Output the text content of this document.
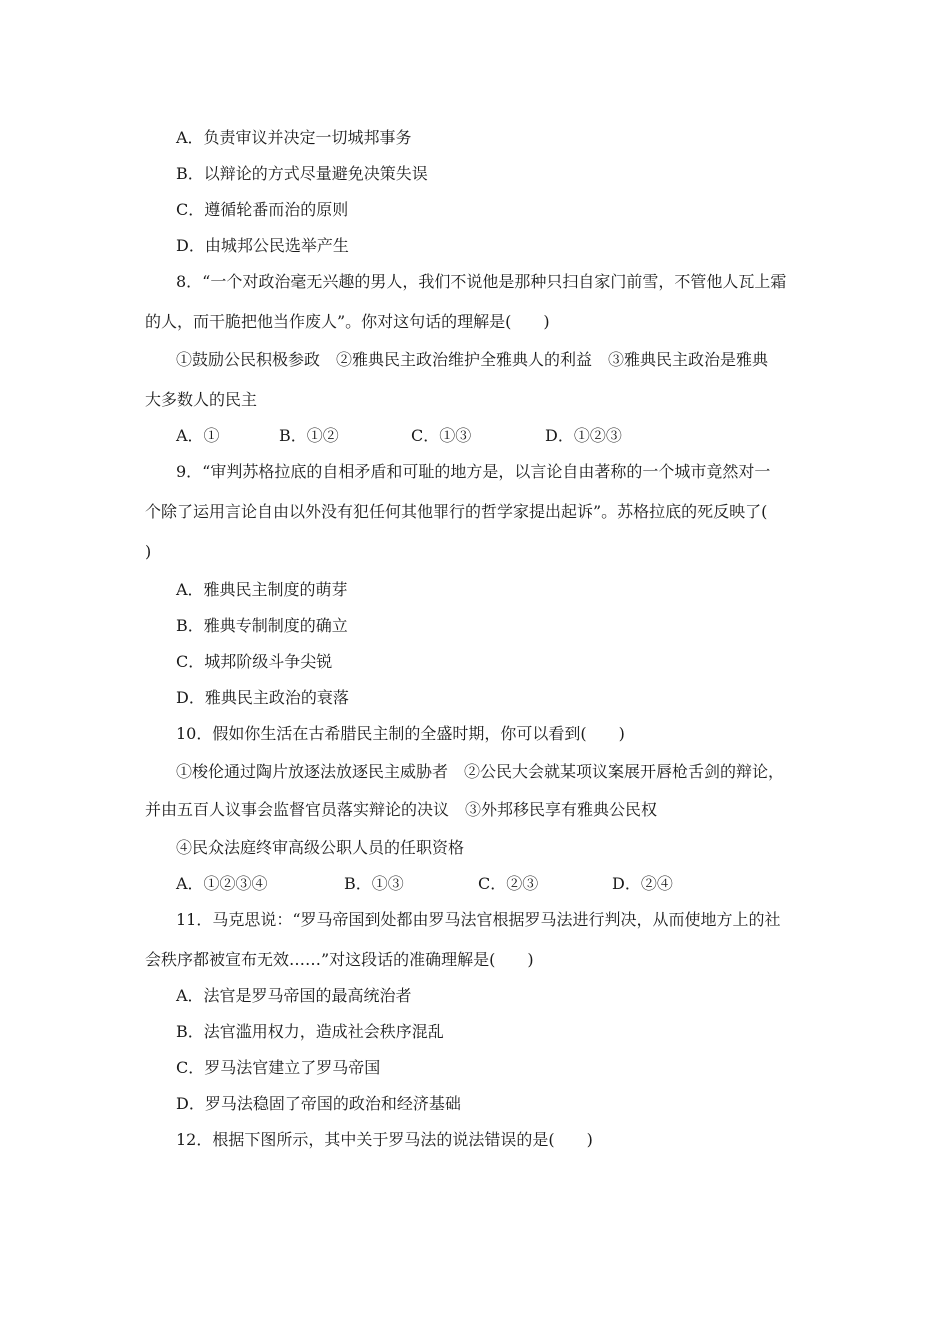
A．负责审议并决定一切城邦事务
B．以辩论的方式尽量避免决策失误
C．遵循轮番而治的原则
D．由城邦公民选举产生
8．“一个对政治毫无兴趣的男人，我们不说他是那种只扫自家门前雪，不管他人瓦上霜
的人，而干脆把他当作废人”。你对这句话的理解是(　　)
①鼓励公民积极参政　②雅典民主政治维护全雅典人的利益　③雅典民主政治是雅典
大多数人的民主
A．①	B．①②	C．①③	D．①②③
9．“审判苏格拉底的自相矛盾和可耻的地方是，以言论自由著称的一个城市竟然对一
个除了运用言论自由以外没有犯任何其他罪行的哲学家提出起诉”。苏格拉底的死反映了(
)
A．雅典民主制度的萌芽
B．雅典专制制度的确立
C．城邦阶级斗争尖锐
D．雅典民主政治的衰落
10．假如你生活在古希腊民主制的全盛时期，你可以看到(　　)
①梭伦通过陶片放逐法放逐民主威胁者　②公民大会就某项议案展开唇枪舌剑的辩论，
并由五百人议事会监督官员落实辩论的决议　③外邦移民享有雅典公民权
④民众法庭终审高级公职人员的任职资格
A．①②③④	B．①③	C．②③	D．②④
11．马克思说：“罗马帝国到处都由罗马法官根据罗马法进行判决，从而使地方上的社
会秩序都被宣布无效……”对这段话的准确理解是(　　)
A．法官是罗马帝国的最高统治者
B．法官滥用权力，造成社会秩序混乱
C．罗马法官建立了罗马帝国
D．罗马法稳固了帝国的政治和经济基础
12．根据下图所示，其中关于罗马法的说法错误的是(　　)
